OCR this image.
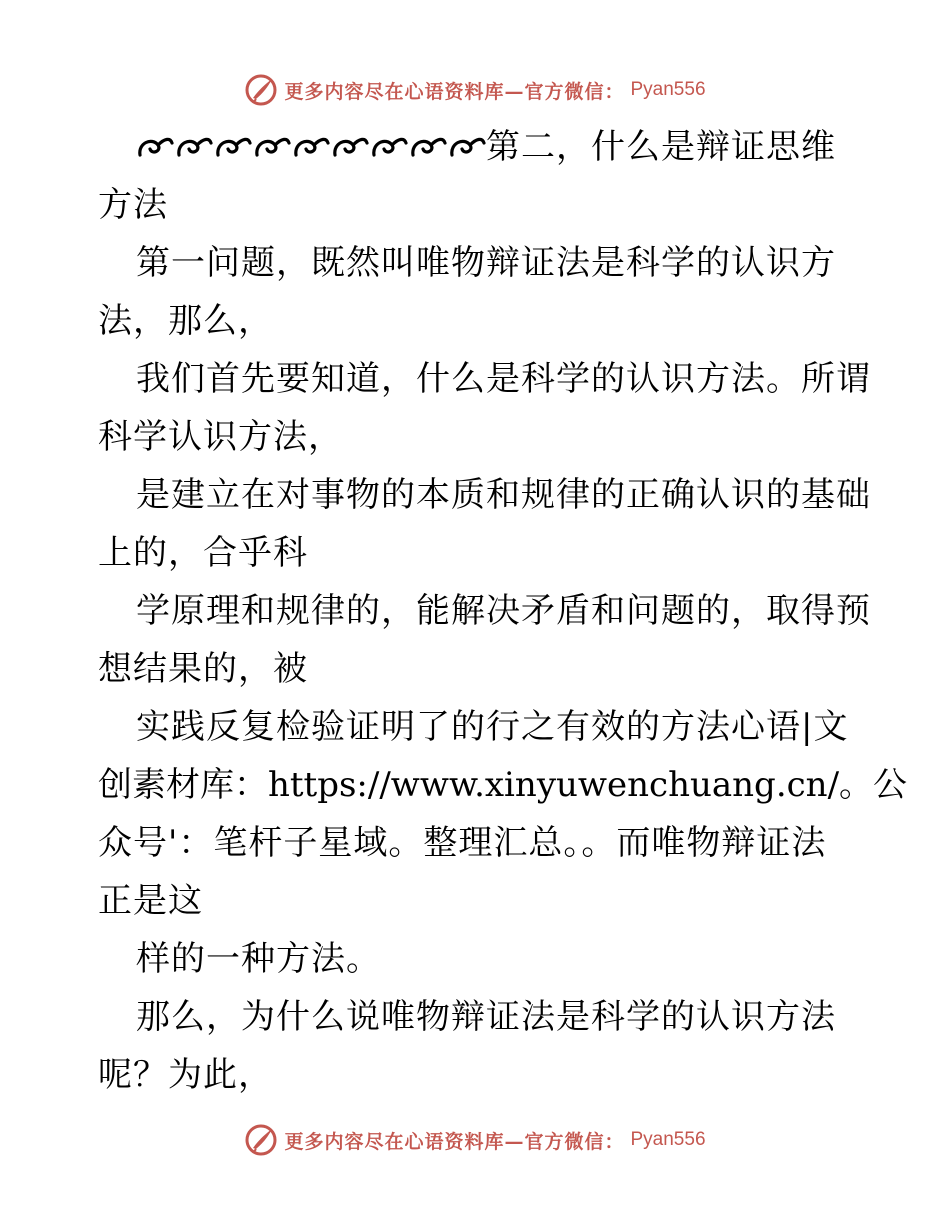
更多内容尽在心语资料库—官方微信： Pyan556
第二，什么是辩证思维
方法
第一问题，既然叫唯物辩证法是科学的认识方
法，那么，
我们首先要知道，什么是科学的认识方法。所谓
科学认识方法，
是建立在对事物的本质和规律的正确认识的基础
上的，合乎科
学原理和规律的，能解决矛盾和问题的，取得预
想结果的，被
实践反复检验证明了的行之有效的方法心语|文
创素材库：https://www.xinyuwenchuang.cn/。公
众号'：笔杆子星域。整理汇总。。而唯物辩证法
正是这
样的一种方法。
那么，为什么说唯物辩证法是科学的认识方法
呢？为此，
更多内容尽在心语资料库—官方微信： Pyan556
